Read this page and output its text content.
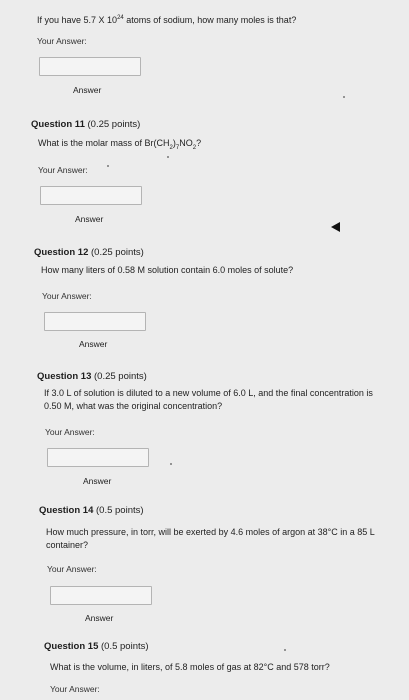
If you have 5.7 X $10^{24}$ atoms of sodium, how many moles is that?
Your Answer:
Answer
Question 11 (0.25 points)
What is the molar mass of $Br(CH_2)_7NO_2$?
Your Answer:
Answer
Question 12 (0.25 points)
How many liters of 0.58 M solution contain 6.0 moles of solute?
Your Answer:
Answer
Question 13 (0.25 points)
If 3.0 L of solution is diluted to a new volume of 6.0 L, and the final concentration is
0.50 M, what was the original concentration?
Your Answer:
Answer
Question 14 (0.5 points)
How much pressure, in torr, will be exerted by 4.6 moles of argon at 38°C in a 85 L
container?
Your Answer:
Answer
Question 15 (0.5 points)
What is the volume, in liters, of 5.8 moles of gas at 82°C and 578 torr?
Your Answer:
